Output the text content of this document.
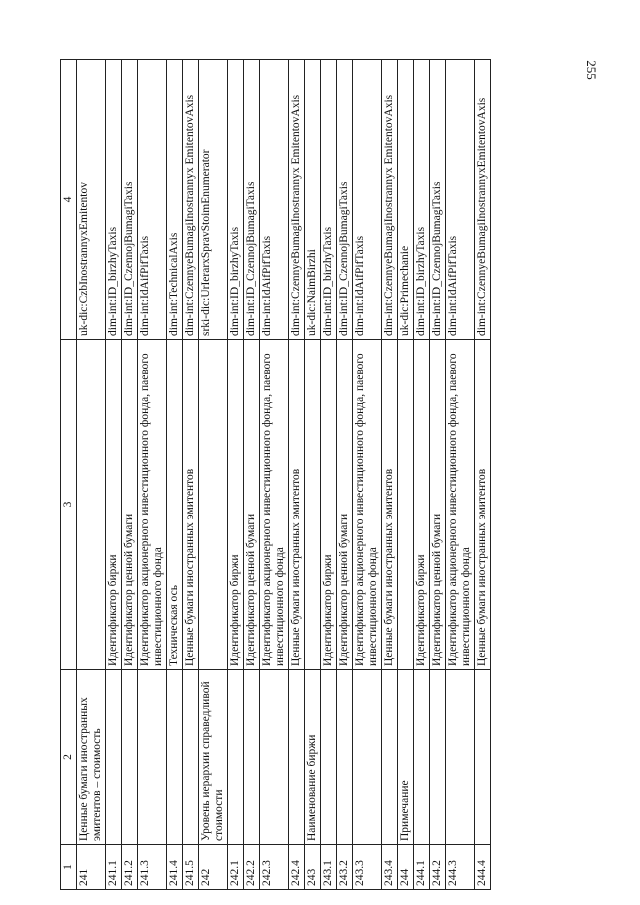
255
1	2	3	4
241	Ценные бумаги иностранных эмитентов – стоимость		uk-dic:CzbInostrannyxEmitentov
241.1		Идентификатор биржи	dim-int:ID_birzhyTaxis
241.2		Идентификатор ценной бумаги	dim-int:ID_CzennojBumagiTaxis
241.3		Идентификатор акционерного инвестиционного фонда, паевого инвестиционного фонда	dim-int:IdAifPifTaxis
241.4		Техническая ось	dim-int:TechnicalAxis
241.5		Ценные бумаги иностранных эмитентов	dim-int:CzennyeBumagiInostrannyx EmitentovAxis
242	Уровень иерархии справедливой стоимости		srki-dic:UrIerarxSpravStoimEnumerator
242.1		Идентификатор биржи	dim-int:ID_birzhyTaxis
242.2		Идентификатор ценной бумаги	dim-int:ID_CzennojBumagiTaxis
242.3		Идентификатор акционерного инвестиционного фонда, паевого инвестиционного фонда	dim-int:IdAifPifTaxis
242.4		Ценные бумаги иностранных эмитентов	dim-int:CzennyeBumagiInostrannyx EmitentovAxis
243	Наименование биржи		uk-dic:NaimBirzhi
243.1		Идентификатор биржи	dim-int:ID_birzhyTaxis
243.2		Идентификатор ценной бумаги	dim-int:ID_CzennojBumagiTaxis
243.3		Идентификатор акционерного инвестиционного фонда, паевого инвестиционного фонда	dim-int:IdAifPifTaxis
243.4		Ценные бумаги иностранных эмитентов	dim-int:CzennyeBumagiInostrannyx EmitentovAxis
244	Примечание		uk-dic:Primechanie
244.1		Идентификатор биржи	dim-int:ID_birzhyTaxis
244.2		Идентификатор ценной бумаги	dim-int:ID_CzennojBumagiTaxis
244.3		Идентификатор акционерного инвестиционного фонда, паевого инвестиционного фонда	dim-int:IdAifPifTaxis
244.4		Ценные бумаги иностранных эмитентов	dim-int:CzennyeBumagiInostrannyxEmitentovAxis
